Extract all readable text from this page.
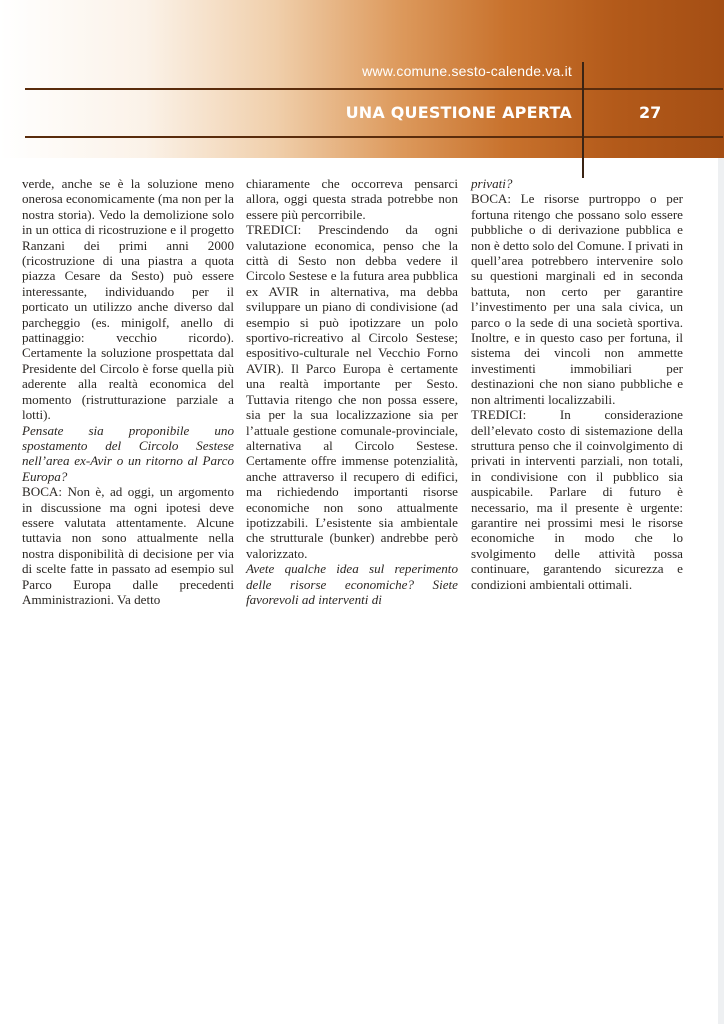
www.comune.sesto-calende.va.it
UNA QUESTIONE APERTA	27

verde, anche se è la soluzione meno onerosa economicamente (ma non per la nostra storia). Vedo la demolizione solo in un ottica di ricostruzione e il progetto Ranzani dei primi anni 2000 (ricostruzione di una piastra a quota piazza Cesare da Sesto) può essere interessante, individuando per il porticato un utilizzo anche diverso dal parcheggio (es. minigolf, anello di pattinaggio: vecchio ricordo). Certamente la soluzione prospettata dal Presidente del Circolo è forse quella più aderente alla realtà economica del momento (ristrutturazione parziale a lotti).

Pensate sia proponibile uno spostamento del Circolo Sestese nell’area ex-Avir o un ritorno al Parco Europa?

BOCA: Non è, ad oggi, un argomento in discussione ma ogni ipotesi deve essere valutata attentamente. Alcune tuttavia non sono attualmente nella nostra disponibilità di decisione per via di scelte fatte in passato ad esempio sul Parco Europa dalle precedenti Amministrazioni. Va detto

chiaramente che occorreva pensarci allora, oggi questa strada potrebbe non essere più percorribile.

TREDICI: Prescindendo da ogni valutazione economica, penso che la città di Sesto non debba vedere il Circolo Sestese e la futura area pubblica ex AVIR in alternativa, ma debba sviluppare un piano di condivisione (ad esempio si può ipotizzare un polo sportivo-ricreativo al Circolo Sestese; espositivo-culturale nel Vecchio Forno AVIR). Il Parco Europa è certamente una realtà importante per Sesto. Tuttavia ritengo che non possa essere, sia per la sua localizzazione sia per l’attuale gestione comunale-provinciale, alternativa al Circolo Sestese. Certamente offre immense potenzialità, anche attraverso il recupero di edifici, ma richiedendo importanti risorse economiche non sono attualmente ipotizzabili. L’esistente sia ambientale che strutturale (bunker) andrebbe però valorizzato.

Avete qualche idea sul reperimento delle risorse economiche? Siete favorevoli ad interventi di

privati?

BOCA: Le risorse purtroppo o per fortuna ritengo che possano solo essere pubbliche o di derivazione pubblica e non è detto solo del Comune. I privati in quell’area potrebbero intervenire solo su questioni marginali ed in seconda battuta, non certo per garantire l’investimento per una sala civica, un parco o la sede di una società sportiva. Inoltre, e in questo caso per fortuna, il sistema dei vincoli non ammette investimenti immobiliari per destinazioni che non siano pubbliche e non altrimenti localizzabili.

TREDICI: In considerazione dell’elevato costo di sistemazione della struttura penso che il coinvolgimento di privati in interventi parziali, non totali, in condivisione con il pubblico sia auspicabile. Parlare di futuro è necessario, ma il presente è urgente: garantire nei prossimi mesi le risorse economiche in modo che lo svolgimento delle attività possa continuare, garantendo sicurezza e condizioni ambientali ottimali.
